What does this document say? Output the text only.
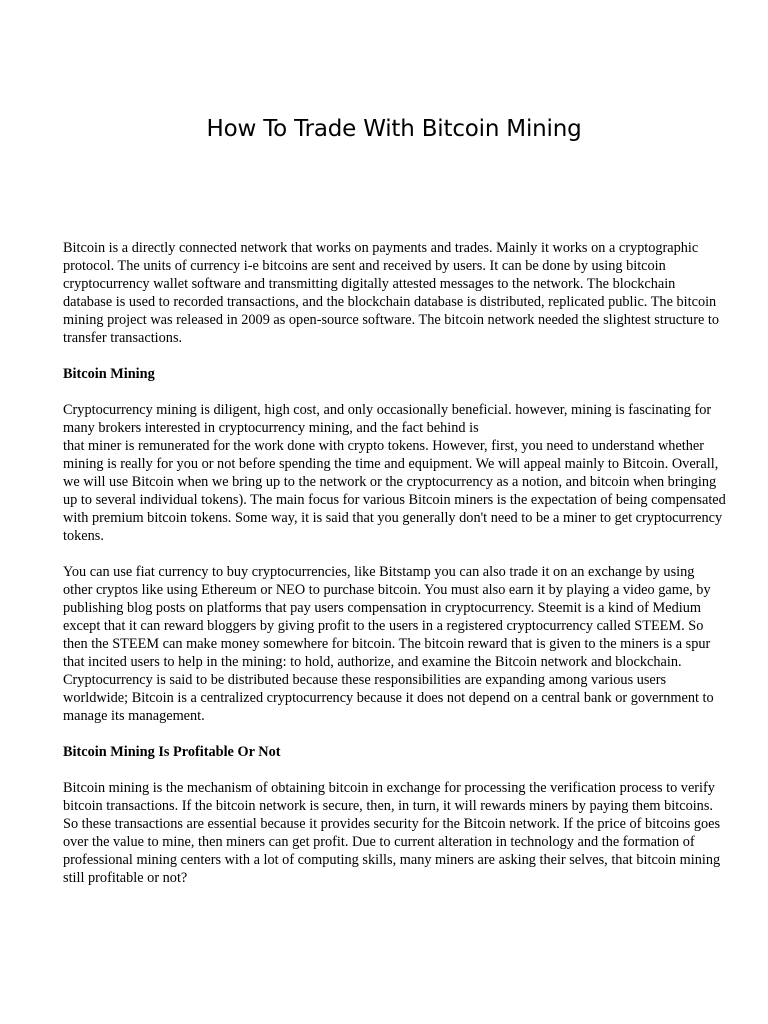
How To Trade With Bitcoin Mining

Bitcoin is a directly connected network that works on payments and trades. Mainly it works on a cryptographic protocol. The units of currency i-e bitcoins are sent and received by users. It can be done by using bitcoin cryptocurrency wallet software and transmitting digitally attested messages to the network. The blockchain database is used to recorded transactions, and the blockchain database is distributed, replicated public. The bitcoin mining project was released in 2009 as open-source software. The bitcoin network needed the slightest structure to transfer transactions.

Bitcoin Mining

Cryptocurrency mining is diligent, high cost, and only occasionally beneficial. however, mining is fascinating for many brokers interested in cryptocurrency mining, and the fact behind is

that miner is remunerated for the work done with crypto tokens. However, first, you need to understand whether mining is really for you or not before spending the time and equipment. We will appeal mainly to Bitcoin. Overall, we will use Bitcoin when we bring up to the network or the cryptocurrency as a notion, and bitcoin when bringing up to several individual tokens). The main focus for various Bitcoin miners is the expectation of being compensated with premium bitcoin tokens. Some way, it is said that you generally don't need to be a miner to get cryptocurrency tokens.

You can use fiat currency to buy cryptocurrencies, like Bitstamp you can also trade it on an exchange by using other cryptos like using Ethereum or NEO to purchase bitcoin. You must also earn it by playing a video game, by publishing blog posts on platforms that pay users compensation in cryptocurrency. Steemit is a kind of Medium except that it can reward bloggers by giving profit to the users in a registered cryptocurrency called STEEM. So then the STEEM can make money somewhere for bitcoin. The bitcoin reward that is given to the miners is a spur that incited users to help in the mining: to hold, authorize, and examine the Bitcoin network and blockchain. Cryptocurrency is said to be distributed because these responsibilities are expanding among various users worldwide; Bitcoin is a centralized cryptocurrency because it does not depend on a central bank or government to manage its management.

Bitcoin Mining Is Profitable Or Not

Bitcoin mining is the mechanism of obtaining bitcoin in exchange for processing the verification process to verify bitcoin transactions. If the bitcoin network is secure, then, in turn, it will rewards miners by paying them bitcoins. So these transactions are essential because it provides security for the Bitcoin network. If the price of bitcoins goes over the value to mine, then miners can get profit. Due to current alteration in technology and the formation of professional mining centers with a lot of computing skills, many miners are asking their selves, that bitcoin mining still profitable or not?
